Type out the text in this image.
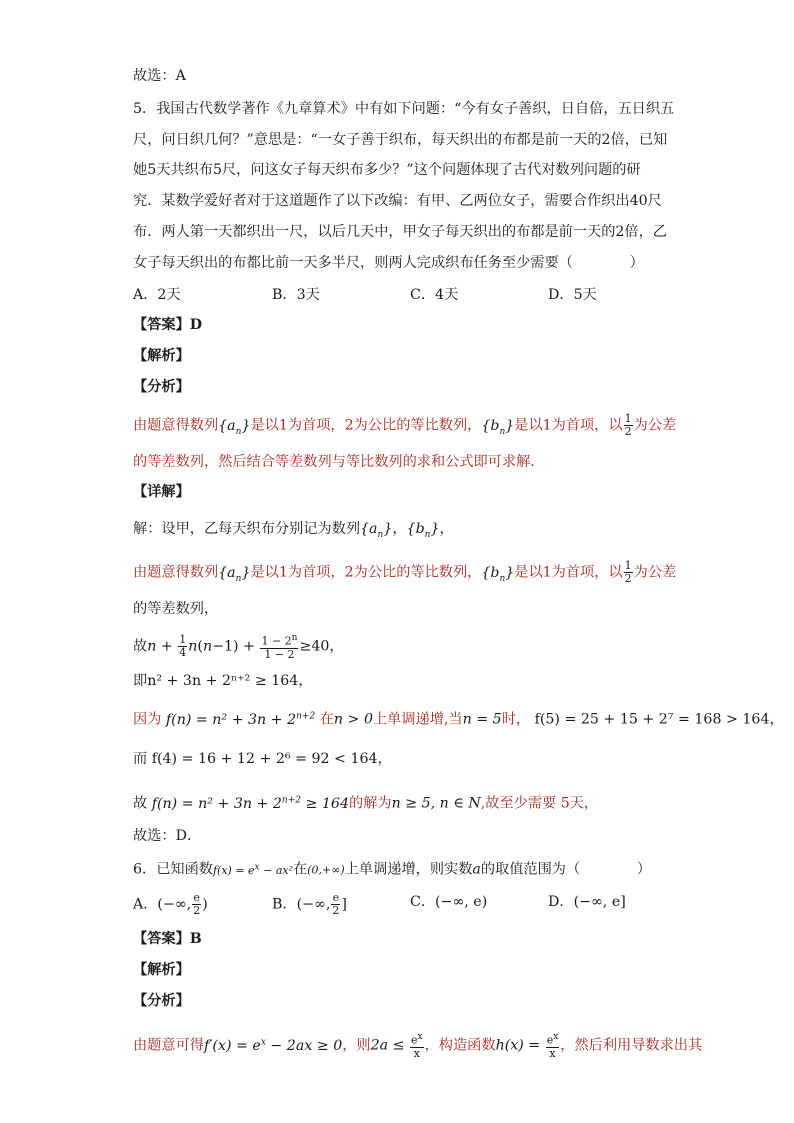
故选：A
5．我国古代数学著作《九章算术》中有如下问题：“今有女子善织，日自倍，五日织五
尺，问日织几何？”意思是：“一女子善于织布，每天织出的布都是前一天的2倍，已知
她5天共织布5尺，问这女子每天织布多少？”这个问题体现了古代对数列问题的研
究．某数学爱好者对于这道题作了以下改编：有甲、乙两位女子，需要合作织出40尺
布．两人第一天都织出一尺，以后几天中，甲女子每天织出的布都是前一天的2倍，乙
女子每天织出的布都比前一天多半尺，则两人完成织布任务至少需要（　　　　）
A．2天	B．3天	C．4天	D．5天
【答案】D
【解析】
【分析】
由题意得数列$\{a_n\}$是以1为首项，2为公比的等比数列，$\{b_n\}$是以1为首项，以 $\frac{1}{2}$ 为公差
的等差数列，然后结合等差数列与等比数列的求和公式即可求解．
【详解】
解：设甲，乙每天织布分别记为数列$\{a_n\}$，$\{b_n\}$，
由题意得数列$\{a_n\}$是以1为首项，2为公比的等比数列，$\{b_n\}$是以1为首项，以 $\frac{1}{2}$ 为公差
的等差数列，
故$n + \frac{1}{4} n(n-1) + \frac{1 - 2^n}{1 - 2} \ge 40$，
即n² + 3n + 2ⁿ⁺² ≥ 164，
因为 $f(n) = n^2 + 3n + 2^{n+2}$ 在n > 0上单调递增,当n = 5时， f(5) = 25 + 15 + 2⁷ = 168 > 164，
而 f(4) = 16 + 12 + 2⁶ = 92 < 164，
故 $f(n) = n^2 + 3n + 2^{n+2} \ge 164$的解为n ≥ 5, n ∈ N,故至少需要 5天，
故选：D．
6．已知函数$f(x) = e^x - ax^2$在(0,+∞)上单调递增，则实数a的取值范围为（　　　　）
A．(−∞, $\frac{e}{2}$ )	B．(−∞, $\frac{e}{2}$ ]	C．(−∞, e)	D．(−∞, e]
【答案】B
【解析】
【分析】
由题意可得$f'(x) = e^x - 2ax \ge 0$，则$2a \le \frac{e^x}{x}$ ，构造函数$h(x) = \frac{e^x}{x}$ ，然后利用导数求出其
